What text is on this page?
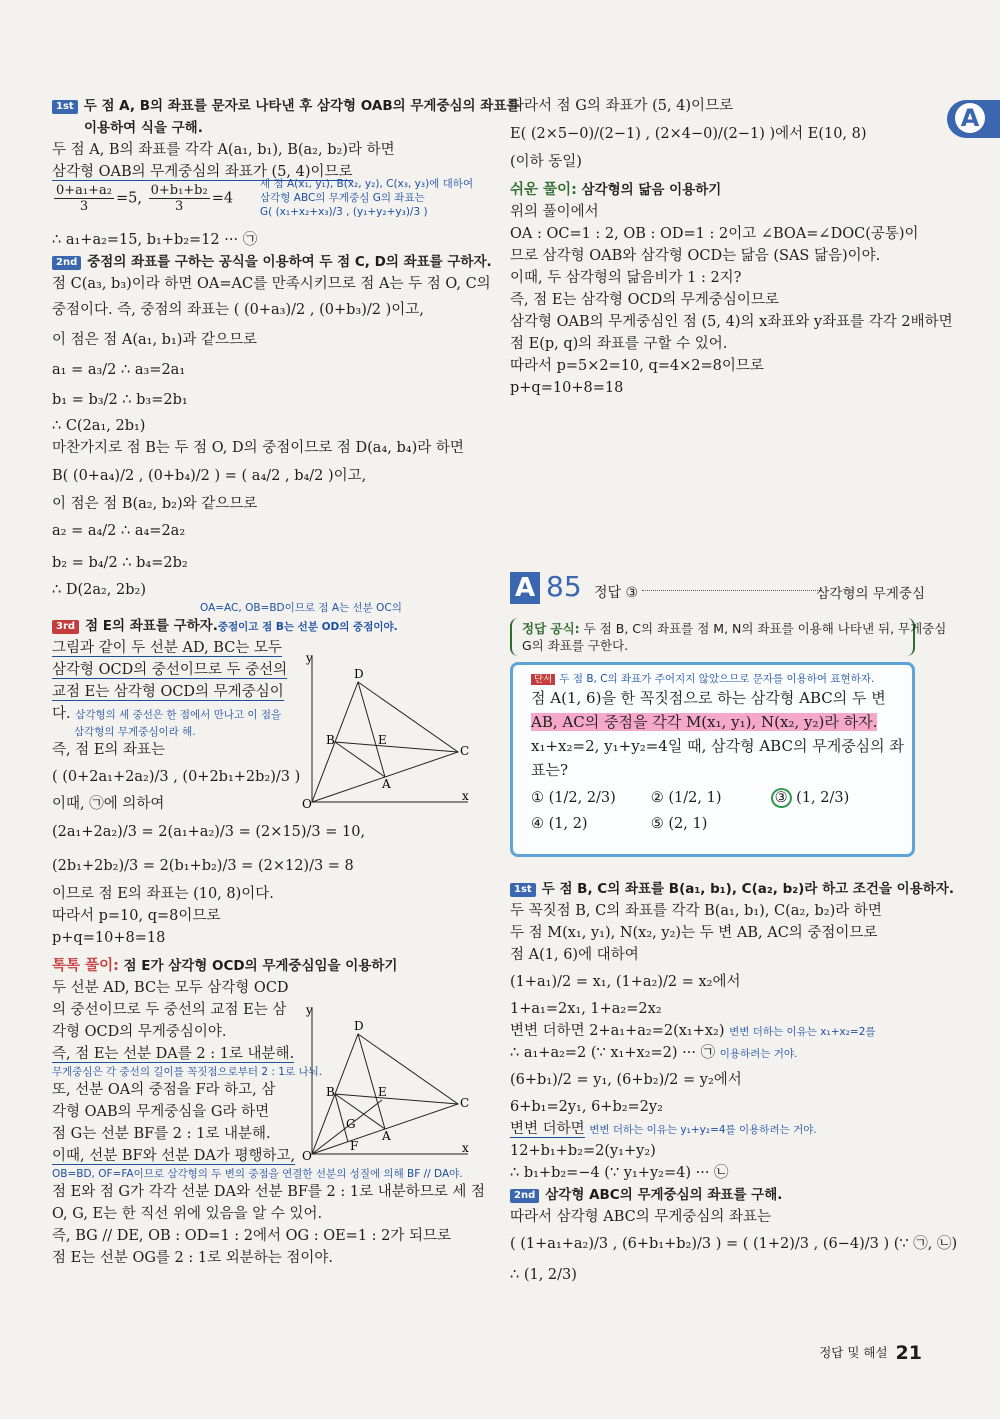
A
1st 두 점 A, B의 좌표를 문자로 나타낸 후 삼각형 OAB의 무게중심의 좌표를
이용하여 식을 구해.
두 점 A, B의 좌표를 각각 A(a₁, b₁), B(a₂, b₂)라 하면
삼각형 OAB의 무게중심의 좌표가 (5, 4)이므로
$\frac{\text{0+a₁+a₂}}{3} =5$, $\frac{\text{0+b₁+b₂}}{3} =4$
세 점 A(x₁, y₁), B(x₂, y₂), C(x₃, y₃)에 대하여
삼각형 ABC의 무게중심 G의 좌표는
G( (x₁+x₂+x₃)/3 , (y₁+y₂+y₃)/3 )
∴ a₁+a₂=15, b₁+b₂=12 ··· ㉠
2nd 중점의 좌표를 구하는 공식을 이용하여 두 점 C, D의 좌표를 구하자.
점 C(a₃, b₃)이라 하면 OA=AC를 만족시키므로 점 A는 두 점 O, C의
중점이다. 즉, 중점의 좌표는 ( (0+a₃)/2 , (0+b₃)/2 )이고,
이 점은 점 A(a₁, b₁)과 같으므로
a₁ = a₃/2 ∴ a₃=2a₁
b₁ = b₃/2 ∴ b₃=2b₁
∴ C(2a₁, 2b₁)
마찬가지로 점 B는 두 점 O, D의 중점이므로 점 D(a₄, b₄)라 하면
B( (0+a₄)/2 , (0+b₄)/2 ) = ( a₄/2 , b₄/2 )이고,
이 점은 점 B(a₂, b₂)와 같으므로
a₂ = a₄/2 ∴ a₄=2a₂
b₂ = b₄/2 ∴ b₄=2b₂
∴ D(2a₂, 2b₂)
OA=AC, OB=BD이므로 점 A는 선분 OC의
3rd 점 E의 좌표를 구하자.중점이고 점 B는 선분 OD의 중점이야.
그림과 같이 두 선분 AD, BC는 모두
삼각형 OCD의 중선이므로 두 중선의
교점 E는 삼각형 OCD의 무게중심이
다. 삼각형의 세 중선은 한 점에서 만나고 이 점을
삼각형의 무게중심이라 해.
즉, 점 E의 좌표는
( (0+2a₁+2a₂)/3 , (0+2b₁+2b₂)/3 )
이때, ㉠에 의하여
(2a₁+2a₂)/3 = 2(a₁+a₂)/3 = (2×15)/3 = 10,
(2b₁+2b₂)/3 = 2(b₁+b₂)/3 = (2×12)/3 = 8
이므로 점 E의 좌표는 (10, 8)이다.
따라서 p=10, q=8이므로
p+q=10+8=18
톡톡 풀이: 점 E가 삼각형 OCD의 무게중심임을 이용하기
두 선분 AD, BC는 모두 삼각형 OCD
의 중선이므로 두 중선의 교점 E는 삼
각형 OCD의 무게중심이야.
즉, 점 E는 선분 DA를 2 : 1로 내분해.
무게중심은 각 중선의 길이를 꼭짓점으로부터 2 : 1로 나눠.
또, 선분 OA의 중점을 F라 하고, 삼
각형 OAB의 무게중심을 G라 하면
점 G는 선분 BF를 2 : 1로 내분해.
이때, 선분 BF와 선분 DA가 평행하고,
OB=BD, OF=FA이므로 삼각형의 두 변의 중점을 연결한 선분의 성질에 의해 BF // DA야.
점 E와 점 G가 각각 선분 DA와 선분 BF를 2 : 1로 내분하므로 세 점
O, G, E는 한 직선 위에 있음을 알 수 있어.
즉, BG // DE, OB : OD=1 : 2에서 OG : OE=1 : 2가 되므로
점 E는 선분 OG를 2 : 1로 외분하는 점이야.
y
x
O
D
C
B	E
A
y
x
O
D
C
B	E
A
G
F
따라서 점 G의 좌표가 (5, 4)이므로
E( (2×5−0)/(2−1) , (2×4−0)/(2−1) )에서 E(10, 8)
(이하 동일)
쉬운 풀이: 삼각형의 닮음 이용하기
위의 풀이에서
OA : OC=1 : 2, OB : OD=1 : 2이고 ∠BOA=∠DOC(공통)이
므로 삼각형 OAB와 삼각형 OCD는 닮음 (SAS 닮음)이야.
이때, 두 삼각형의 닮음비가 1 : 2지?
즉, 점 E는 삼각형 OCD의 무게중심이므로
삼각형 OAB의 무게중심인 점 (5, 4)의 x좌표와 y좌표를 각각 2배하면
점 E(p, q)의 좌표를 구할 수 있어.
따라서 p=5×2=10, q=4×2=8이므로
p+q=10+8=18
A 85 정답 ③	삼각형의 무게중심
정답 공식: 두 점 B, C의 좌표를 점 M, N의 좌표를 이용해 나타낸 뒤, 무게중심
G의 좌표를 구한다.
단서 두 점 B, C의 좌표가 주어지지 않았으므로 문자를 이용하여 표현하자.
점 A(1, 6)을 한 꼭짓점으로 하는 삼각형 ABC의 두 변
AB, AC의 중점을 각각 M(x₁, y₁), N(x₂, y₂)라 하자.
x₁+x₂=2, y₁+y₂=4일 때, 삼각형 ABC의 무게중심의 좌
표는?
① (1/2, 2/3)	② (1/2, 1)	③ (1, 2/3)
④ (1, 2)	⑤ (2, 1)
1st 두 점 B, C의 좌표를 B(a₁, b₁), C(a₂, b₂)라 하고 조건을 이용하자.
두 꼭짓점 B, C의 좌표를 각각 B(a₁, b₁), C(a₂, b₂)라 하면
두 점 M(x₁, y₁), N(x₂, y₂)는 두 변 AB, AC의 중점이므로
점 A(1, 6)에 대하여
(1+a₁)/2 = x₁, (1+a₂)/2 = x₂에서
1+a₁=2x₁, 1+a₂=2x₂
변변 더하면 2+a₁+a₂=2(x₁+x₂) 변변 더하는 이유는 x₁+x₂=2를
∴ a₁+a₂=2 (∵ x₁+x₂=2) ··· ㉠ 이용하려는 거야.
(6+b₁)/2 = y₁, (6+b₂)/2 = y₂에서
6+b₁=2y₁, 6+b₂=2y₂
변변 더하면 변변 더하는 이유는 y₁+y₂=4를 이용하려는 거야.
12+b₁+b₂=2(y₁+y₂)
∴ b₁+b₂=−4 (∵ y₁+y₂=4) ··· ㉡
2nd 삼각형 ABC의 무게중심의 좌표를 구해.
따라서 삼각형 ABC의 무게중심의 좌표는
( (1+a₁+a₂)/3 , (6+b₁+b₂)/3 ) = ( (1+2)/3 , (6−4)/3 ) (∵ ㉠, ㉡)
∴ (1, 2/3)
정답 및 해설 21
